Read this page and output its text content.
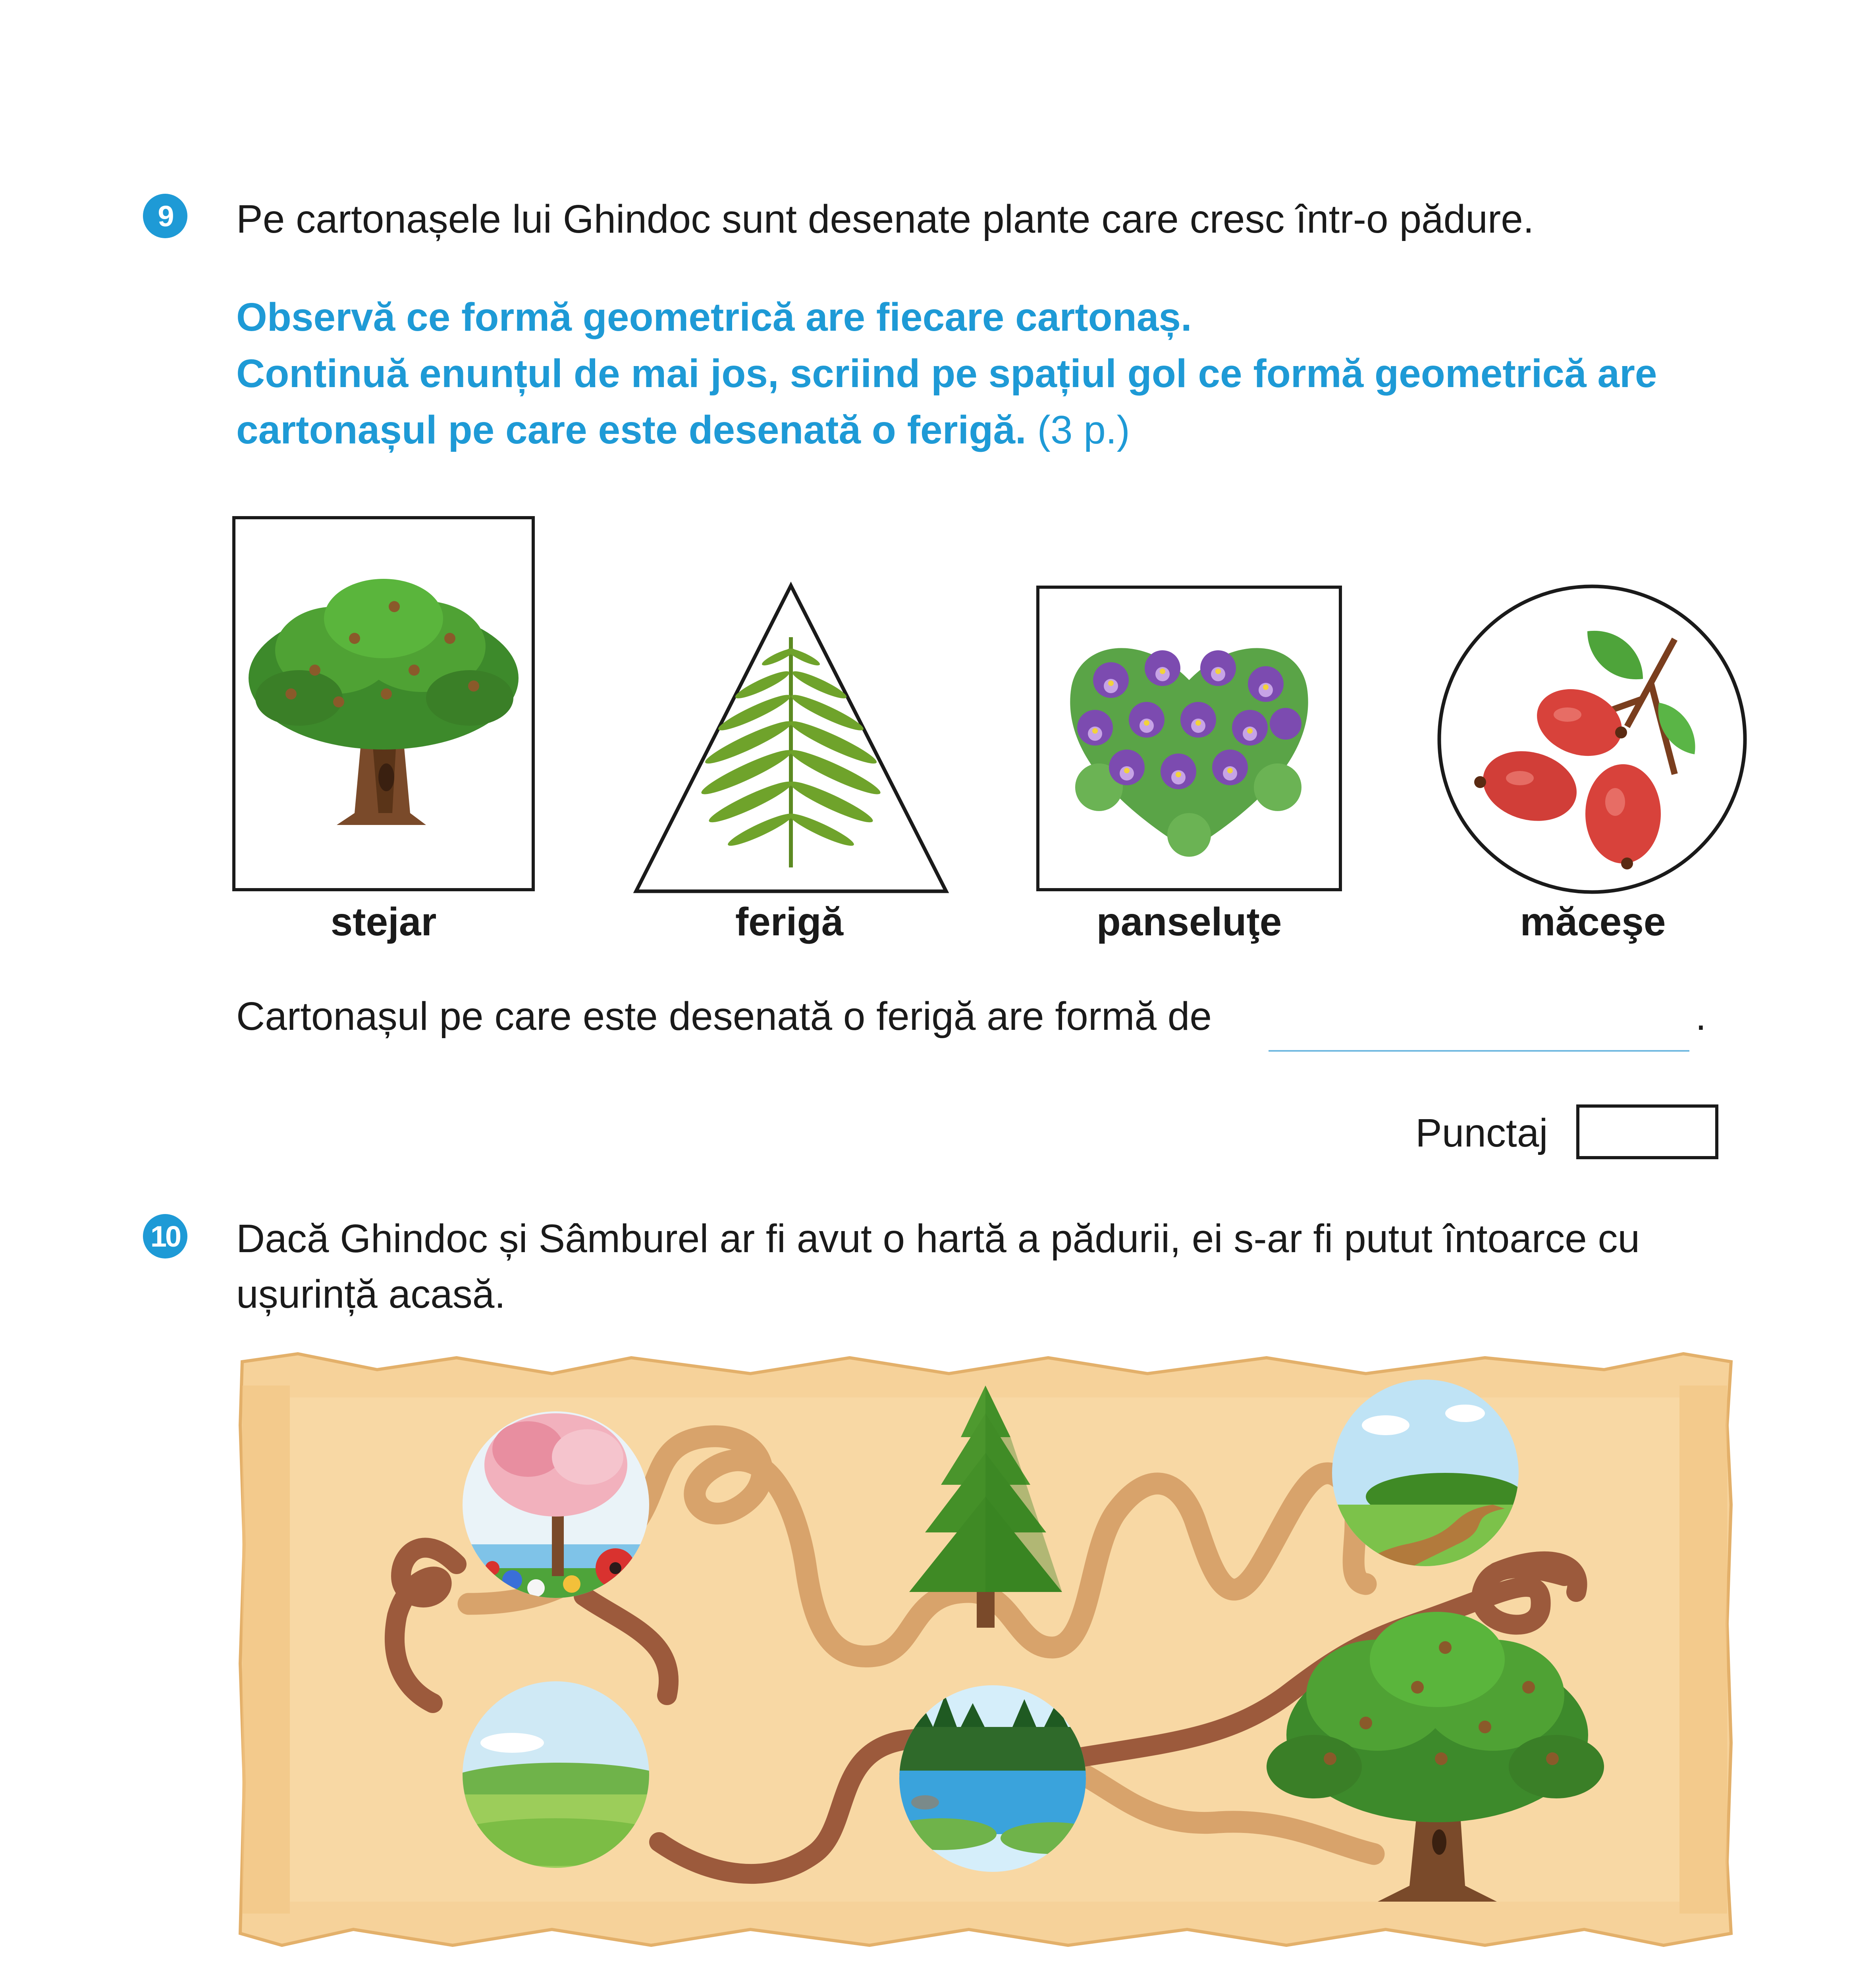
9 Pe cartonașele lui Ghindoc sunt desenate plante care cresc într-o pădure.
Observă ce formă geometrică are fiecare cartonaș.
Continuă enunțul de mai jos, scriind pe spațiul gol ce formă geometrică are
cartonașul pe care este desenată o ferigă. (3 p.)
stejar	ferigă	panseluţe	măceşe
Cartonașul pe care este desenată o ferigă are formă de	.
Punctaj
10 Dacă Ghindoc și Sâmburel ar fi avut o hartă a pădurii, ei s-ar fi putut întoarce cu
ușurință acasă.
